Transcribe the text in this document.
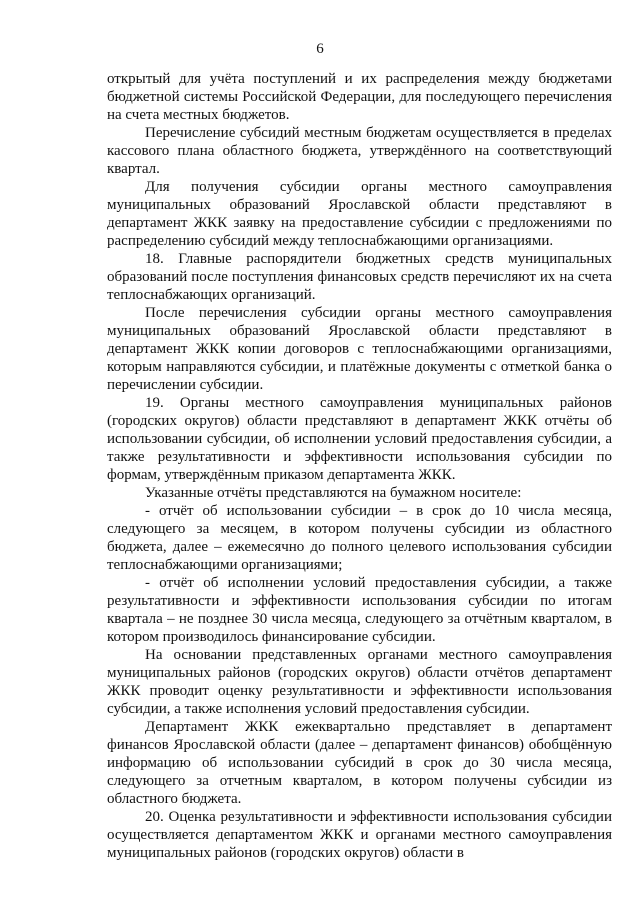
6

открытый для учёта поступлений и их распределения между бюджетами бюджетной системы Российской Федерации, для последующего перечисления на счета местных бюджетов.

Перечисление субсидий местным бюджетам осуществляется в пределах кассового плана областного бюджета, утверждённого на соответствующий квартал.

Для получения субсидии органы местного самоуправления муниципальных образований Ярославской области представляют в департамент ЖКК заявку на предоставление субсидии с предложениями по распределению субсидий между теплоснабжающими организациями.

18. Главные распорядители бюджетных средств муниципальных образований после поступления финансовых средств перечисляют их на счета теплоснабжающих организаций.

После перечисления субсидии органы местного самоуправления муниципальных образований Ярославской области представляют в департамент ЖКК копии договоров с теплоснабжающими организациями, которым направляются субсидии, и платёжные документы с отметкой банка о перечислении субсидии.

19. Органы местного самоуправления муниципальных районов (городских округов) области представляют в департамент ЖКК отчёты об использовании субсидии, об исполнении условий предоставления субсидии, а также результативности и эффективности использования субсидии по формам, утверждённым приказом департамента ЖКК.

Указанные отчёты представляются на бумажном носителе:

- отчёт об использовании субсидии – в срок до 10 числа месяца, следующего за месяцем, в котором получены субсидии из областного бюджета, далее – ежемесячно до полного целевого использования субсидии теплоснабжающими организациями;

- отчёт об исполнении условий предоставления субсидии, а также результативности и эффективности использования субсидии по итогам квартала – не позднее 30 числа месяца, следующего за отчётным кварталом, в котором производилось финансирование субсидии.

На основании представленных органами местного самоуправления муниципальных районов (городских округов) области отчётов департамент ЖКК проводит оценку результативности и эффективности использования субсидии, а также исполнения условий предоставления субсидии.

Департамент ЖКК ежеквартально представляет в департамент финансов Ярославской области (далее – департамент финансов) обобщённую информацию об использовании субсидий в срок до 30 числа месяца, следующего за отчетным кварталом, в котором получены субсидии из областного бюджета.

20. Оценка результативности и эффективности использования субсидии осуществляется департаментом ЖКК и органами местного самоуправления муниципальных районов (городских округов) области в
